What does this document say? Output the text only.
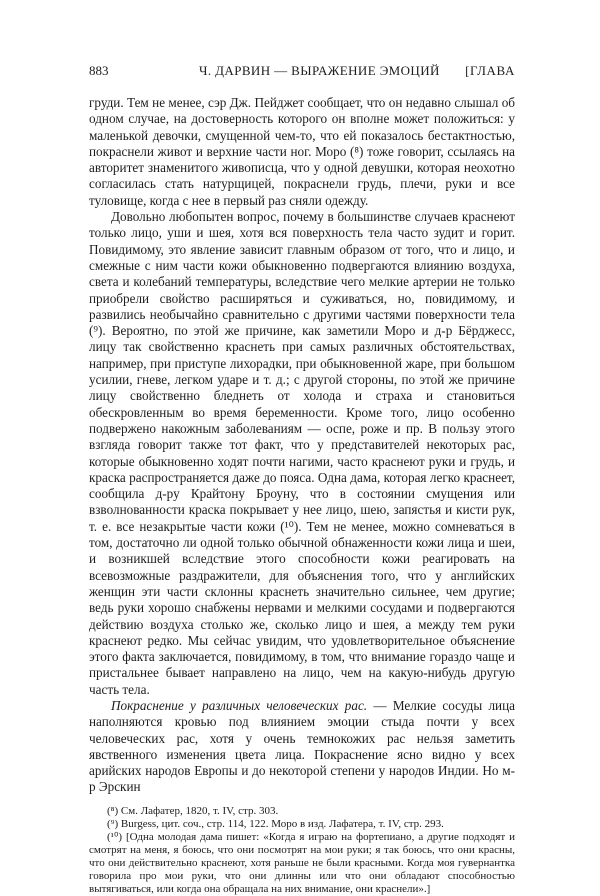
883	Ч. ДАРВИН — ВЫРАЖЕНИЕ ЭМОЦИЙ [ГЛАВА

груди. Тем не менее, сэр Дж. Пейджет сообщает, что он недавно слышал об одном случае, на достоверность которого он вполне может положиться: у маленькой девочки, смущенной чем-то, что ей показалось бестактностью, покраснели живот и верхние части ног. Моро (⁸) тоже говорит, ссылаясь на авторитет знаменитого живописца, что у одной девушки, которая неохотно согласилась стать натурщицей, покраснели грудь, плечи, руки и все туловище, когда с нее в первый раз сняли одежду.

Довольно любопытен вопрос, почему в большинстве случаев краснеют только лицо, уши и шея, хотя вся поверхность тела часто зудит и горит. Повидимому, это явление зависит главным образом от того, что и лицо, и смежные с ним части кожи обыкновенно подвергаются влиянию воздуха, света и колебаний температуры, вследствие чего мелкие артерии не только приобрели свойство расширяться и суживаться, но, повидимому, и развились необычайно сравнительно с другими частями поверхности тела (⁹). Вероятно, по этой же причине, как заметили Моро и д-р Бёрджесс, лицу так свойственно краснеть при самых различных обстоятельствах, например, при приступе лихорадки, при обыкновенной жаре, при большом усилии, гневе, легком ударе и т. д.; с другой стороны, по этой же причине лицу свойственно бледнеть от холода и страха и становиться обескровленным во время беременности. Кроме того, лицо особенно подвержено накожным заболеваниям — оспе, роже и пр. В пользу этого взгляда говорит также тот факт, что у представителей некоторых рас, которые обыкновенно ходят почти нагими, часто краснеют руки и грудь, и краска распространяется даже до пояса. Одна дама, которая легко краснеет, сообщила д-ру Крайтону Броуну, что в состоянии смущения или взволнованности краска покрывает у нее лицо, шею, запястья и кисти рук, т. е. все незакрытые части кожи (¹⁰). Тем не менее, можно сомневаться в том, достаточно ли одной только обычной обнаженности кожи лица и шеи, и возникшей вследствие этого способности кожи реагировать на всевозможные раздражители, для объяснения того, что у английских женщин эти части склонны краснеть значительно сильнее, чем другие; ведь руки хорошо снабжены нервами и мелкими сосудами и подвергаются действию воздуха столько же, сколько лицо и шея, а между тем руки краснеют редко. Мы сейчас увидим, что удовлетворительное объяснение этого факта заключается, повидимому, в том, что внимание гораздо чаще и пристальнее бывает направлено на лицо, чем на какую-нибудь другую часть тела.

Покраснение у различных человеческих рас. — Мелкие сосуды лица наполняются кровью под влиянием эмоции стыда почти у всех человеческих рас, хотя у очень темнокожих рас нельзя заметить явственного изменения цвета лица. Покраснение ясно видно у всех арийских народов Европы и до некоторой степени у народов Индии. Но м-р Эрскин

(⁸) См. Лафатер, 1820, т. IV, стр. 303.

(⁹) Burgess, цит. соч., стр. 114, 122. Моро в изд. Лафатера, т. IV, стр. 293.

(¹⁰) [Одна молодая дама пишет: «Когда я играю на фортепиано, а другие подходят и смотрят на меня, я боюсь, что они посмотрят на мои руки; я так боюсь, что они красны, что они действительно краснеют, хотя раньше не были красными. Когда моя гувернантка говорила про мои руки, что они длинны или что они обладают способностью вытягиваться, или когда она обращала на них внимание, они краснели».]
